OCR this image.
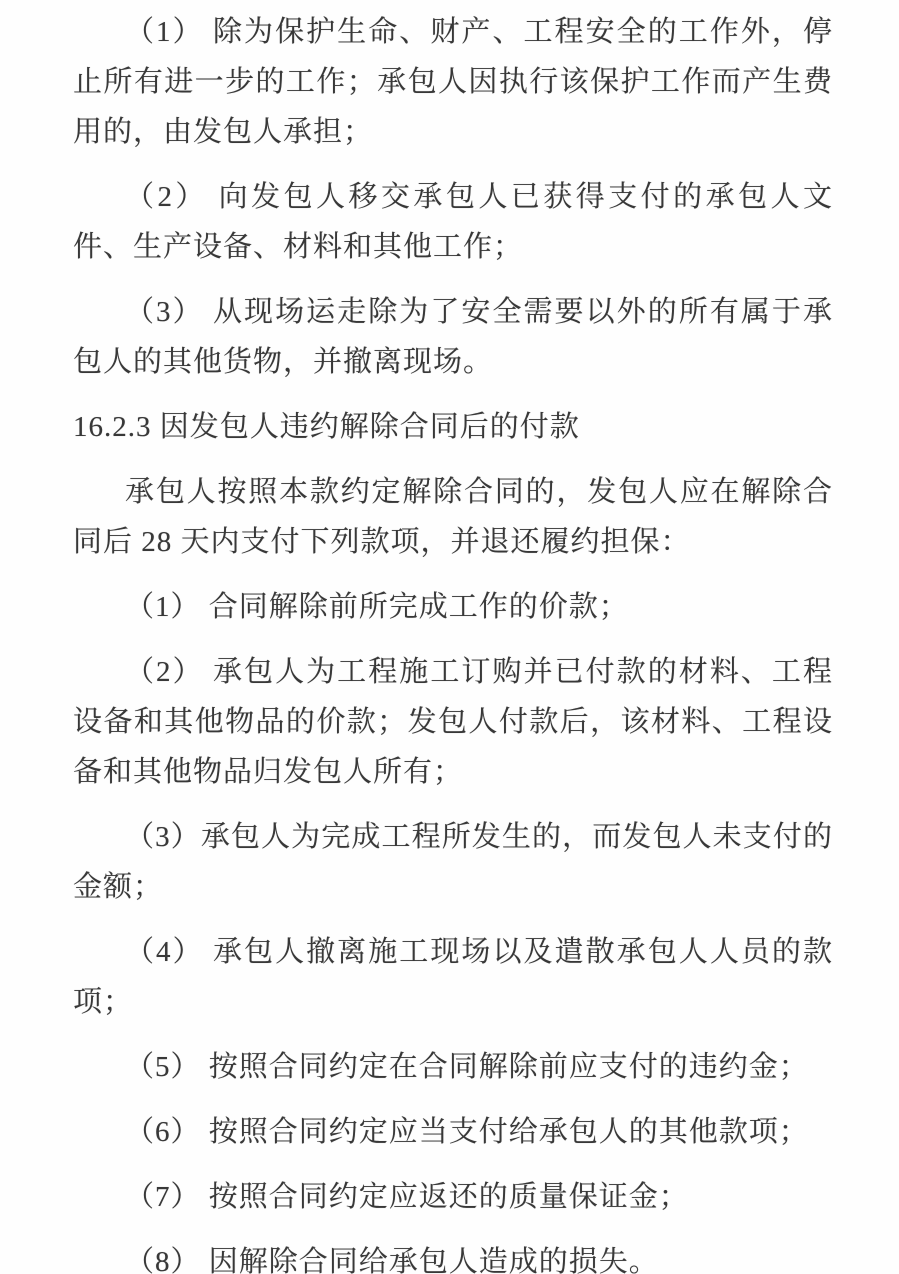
（1） 除为保护生命、财产、工程安全的工作外，停止所有进一步的工作；承包人因执行该保护工作而产生费用的，由发包人承担；
（2） 向发包人移交承包人已获得支付的承包人文件、生产设备、材料和其他工作；
（3） 从现场运走除为了安全需要以外的所有属于承包人的其他货物，并撤离现场。
16.2.3 因发包人违约解除合同后的付款
承包人按照本款约定解除合同的，发包人应在解除合同后 28 天内支付下列款项，并退还履约担保：
（1） 合同解除前所完成工作的价款；
（2） 承包人为工程施工订购并已付款的材料、工程设备和其他物品的价款；发包人付款后，该材料、工程设备和其他物品归发包人所有；
（3）承包人为完成工程所发生的，而发包人未支付的金额；
（4） 承包人撤离施工现场以及遣散承包人人员的款项；
（5） 按照合同约定在合同解除前应支付的违约金；
（6） 按照合同约定应当支付给承包人的其他款项；
（7） 按照合同约定应返还的质量保证金；
（8） 因解除合同给承包人造成的损失。
